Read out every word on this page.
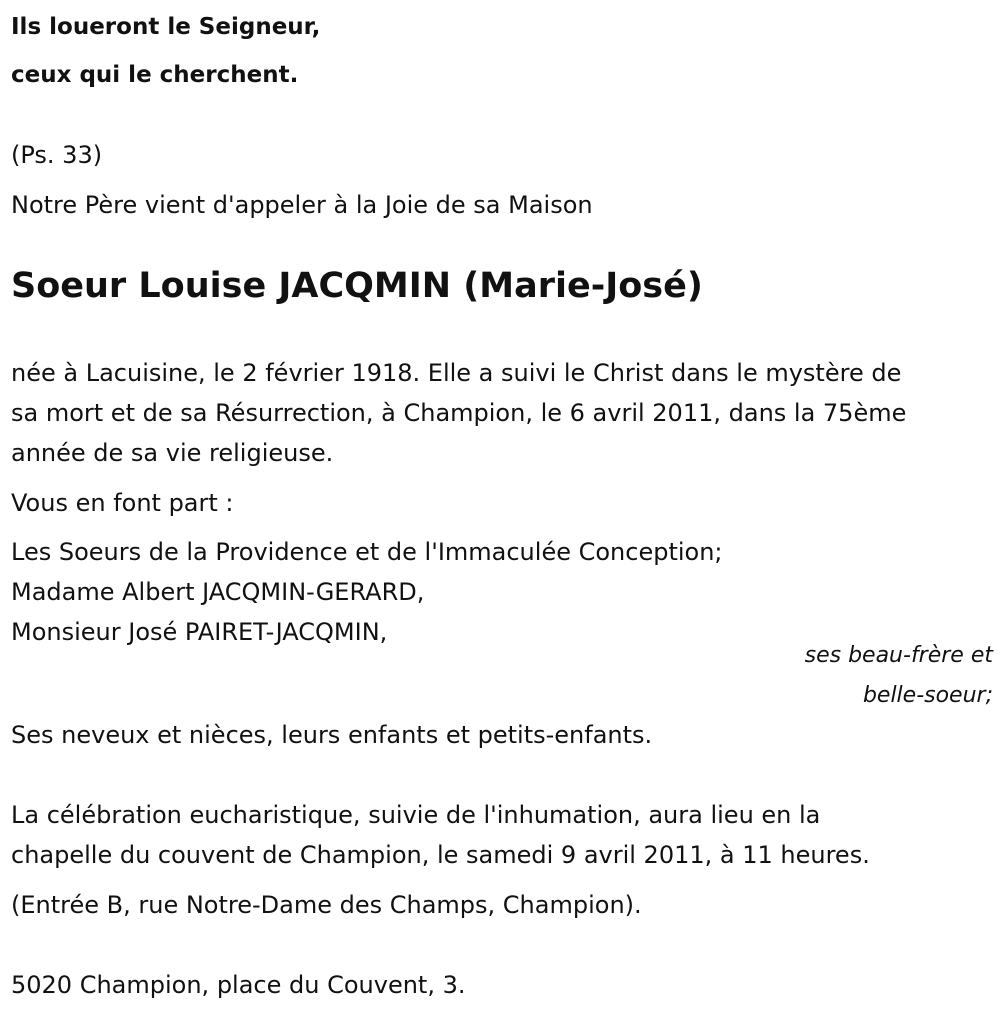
Ils loueront le Seigneur,
ceux qui le cherchent.
(Ps. 33)
Notre Père vient d'appeler à la Joie de sa Maison
Soeur Louise JACQMIN (Marie-José)
née à Lacuisine, le 2 février 1918. Elle a suivi le Christ dans le mystère de
sa mort et de sa Résurrection, à Champion, le 6 avril 2011, dans la 75ème
année de sa vie religieuse.
Vous en font part :
Les Soeurs de la Providence et de l'Immaculée Conception;
Madame Albert JACQMIN-GERARD,
Monsieur José PAIRET-JACQMIN,
ses beau-frère et
belle-soeur;
Ses neveux et nièces, leurs enfants et petits-enfants.
La célébration eucharistique, suivie de l'inhumation, aura lieu en la
chapelle du couvent de Champion, le samedi 9 avril 2011, à 11 heures.
(Entrée B, rue Notre-Dame des Champs, Champion).
5020 Champion, place du Couvent, 3.
